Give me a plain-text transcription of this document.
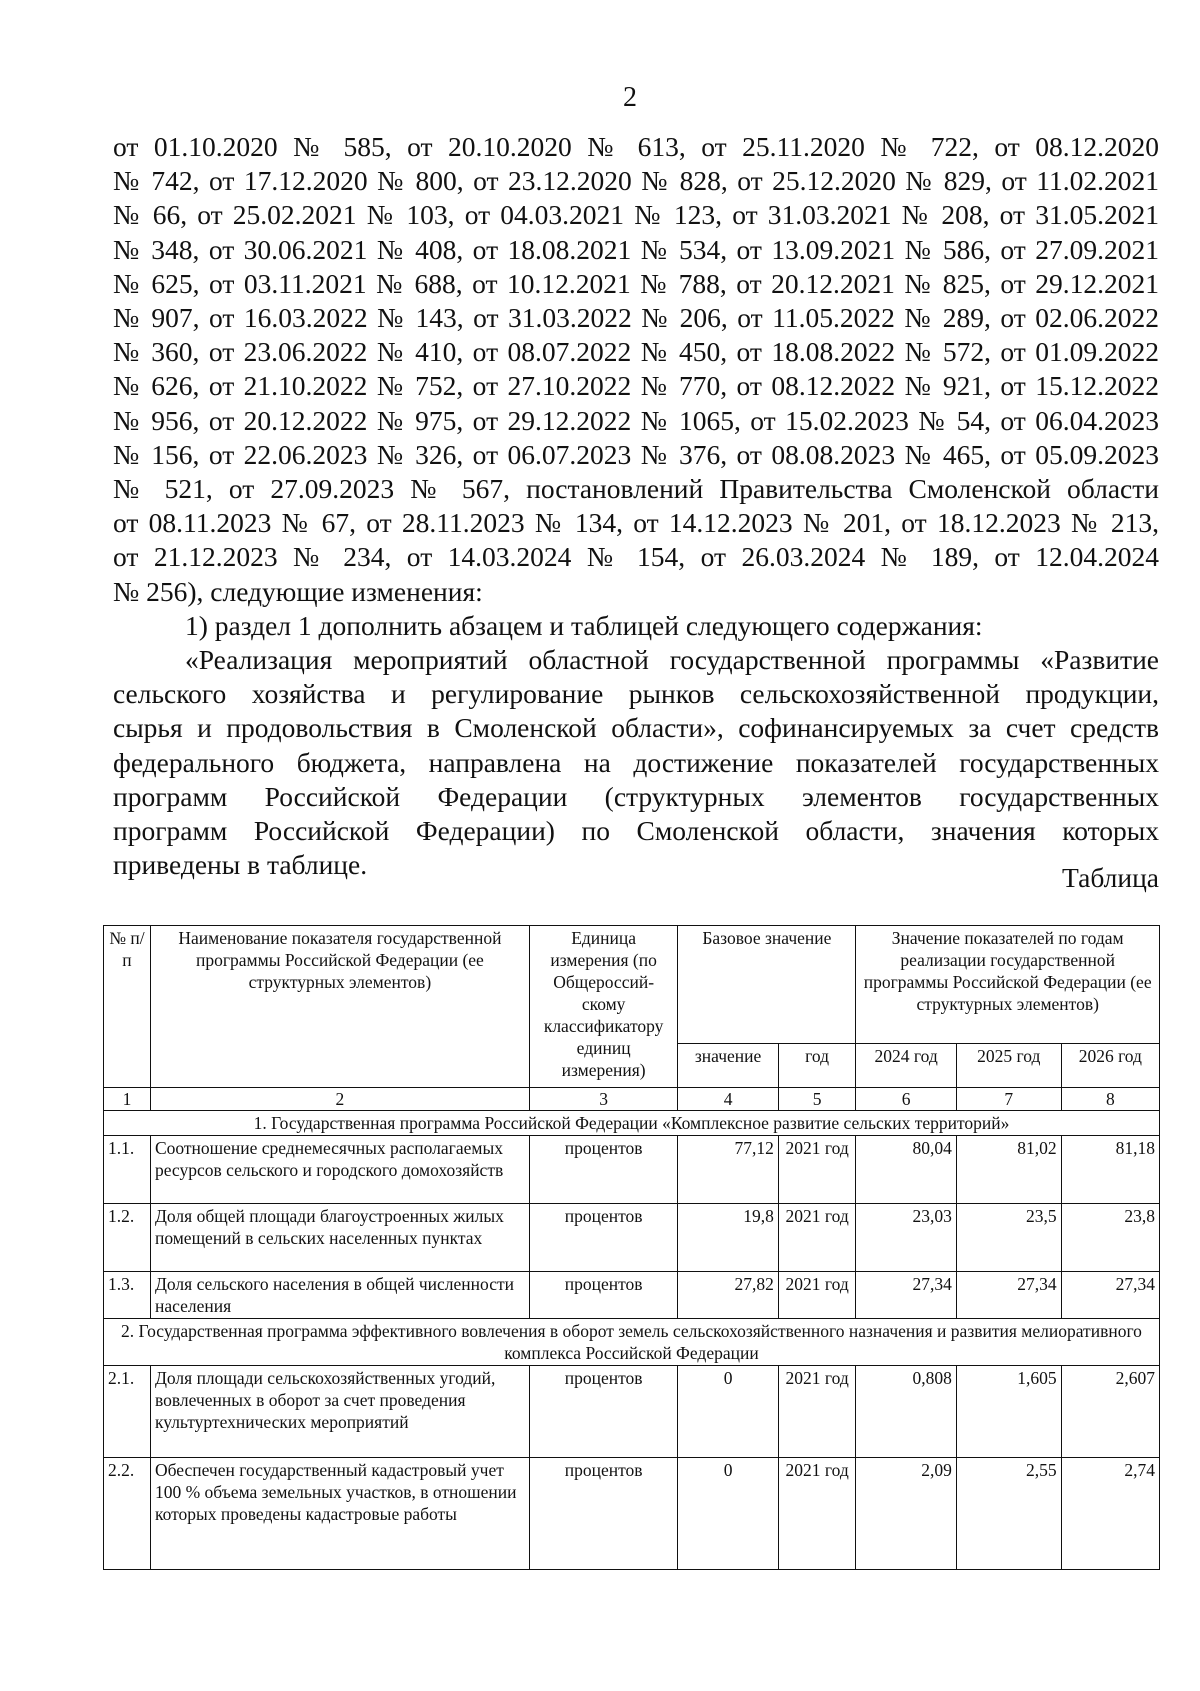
2
от 01.10.2020 № 585, от 20.10.2020 № 613, от 25.11.2020 № 722, от 08.12.2020
№ 742, от 17.12.2020 № 800, от 23.12.2020 № 828, от 25.12.2020 № 829, от 11.02.2021
№ 66, от 25.02.2021 № 103, от 04.03.2021 № 123, от 31.03.2021 № 208, от 31.05.2021
№ 348, от 30.06.2021 № 408, от 18.08.2021 № 534, от 13.09.2021 № 586, от 27.09.2021
№ 625, от 03.11.2021 № 688, от 10.12.2021 № 788, от 20.12.2021 № 825, от 29.12.2021
№ 907, от 16.03.2022 № 143, от 31.03.2022 № 206, от 11.05.2022 № 289, от 02.06.2022
№ 360, от 23.06.2022 № 410, от 08.07.2022 № 450, от 18.08.2022 № 572, от 01.09.2022
№ 626, от 21.10.2022 № 752, от 27.10.2022 № 770, от 08.12.2022 № 921, от 15.12.2022
№ 956, от 20.12.2022 № 975, от 29.12.2022 № 1065, от 15.02.2023 № 54, от 06.04.2023
№ 156, от 22.06.2023 № 326, от 06.07.2023 № 376, от 08.08.2023 № 465, от 05.09.2023
№ 521, от 27.09.2023 № 567, постановлений Правительства Смоленской области
от 08.11.2023 № 67, от 28.11.2023 № 134, от 14.12.2023 № 201, от 18.12.2023 № 213,
от 21.12.2023 № 234, от 14.03.2024 № 154, от 26.03.2024 № 189, от 12.04.2024
№ 256), следующие изменения:
1) раздел 1 дополнить абзацем и таблицей следующего содержания:
«Реализация мероприятий областной государственной программы «Развитие
сельского хозяйства и регулирование рынков сельскохозяйственной продукции,
сырья и продовольствия в Смоленской области», софинансируемых за счет средств
федерального бюджета, направлена на достижение показателей государственных
программ Российской Федерации (структурных элементов государственных
программ Российской Федерации) по Смоленской области, значения которых
приведены в таблице.	Таблица
№ п/п	Наименование показателя государственной программы Российской Федерации (ее структурных элементов)	Единица измерения (по Общероссий-скому классификатору единиц измерения)	Базовое значение		Значение показателей по годам реализации государственной программы Российской Федерации (ее структурных элементов)		
			значение	год	2024 год	2025 год	2026 год
1	2	3	4	5	6	7	8
1. Государственная программа Российской Федерации «Комплексное развитие сельских территорий»							
1.1.	Соотношение среднемесячных располагаемых ресурсов сельского и городского домохозяйств	процентов	77,12	2021 год	80,04	81,02	81,18
1.2.	Доля общей площади благоустроенных жилых помещений в сельских населенных пунктах	процентов	19,8	2021 год	23,03	23,5	23,8
1.3.	Доля сельского населения в общей численности населения	процентов	27,82	2021 год	27,34	27,34	27,34
2. Государственная программа эффективного вовлечения в оборот земель сельскохозяйственного назначения и развития мелиоративного комплекса Российской Федерации							
2.1.	Доля площади сельскохозяйственных угодий, вовлеченных в оборот за счет проведения культуртехнических мероприятий	процентов	0	2021 год	0,808	1,605	2,607
2.2.	Обеспечен государственный кадастровый учет 100 % объема земельных участков, в отношении которых проведены кадастровые работы	процентов	0	2021 год	2,09	2,55	2,74
